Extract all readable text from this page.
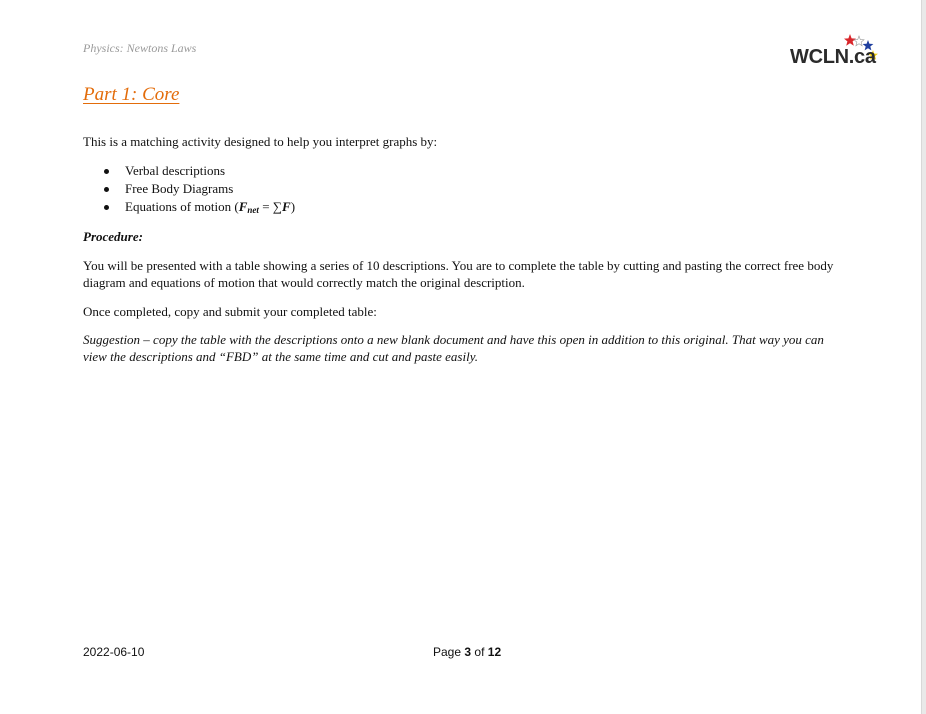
Physics: Newtons Laws	WCLN.ca
Part 1: Core
This is a matching activity designed to help you interpret graphs by:
Verbal descriptions
Free Body Diagrams
Equations of motion (Fnet = ∑F)
Procedure:

You will be presented with a table showing a series of 10 descriptions. You are to complete the table by cutting and pasting the correct free body diagram and equations of motion that would correctly match the original description.

Once completed, copy and submit your completed table:

Suggestion – copy the table with the descriptions onto a new blank document and have this open in addition to this original. That way you can view the descriptions and “FBD” at the same time and cut and paste easily.

2022-06-10	Page 3 of 12
